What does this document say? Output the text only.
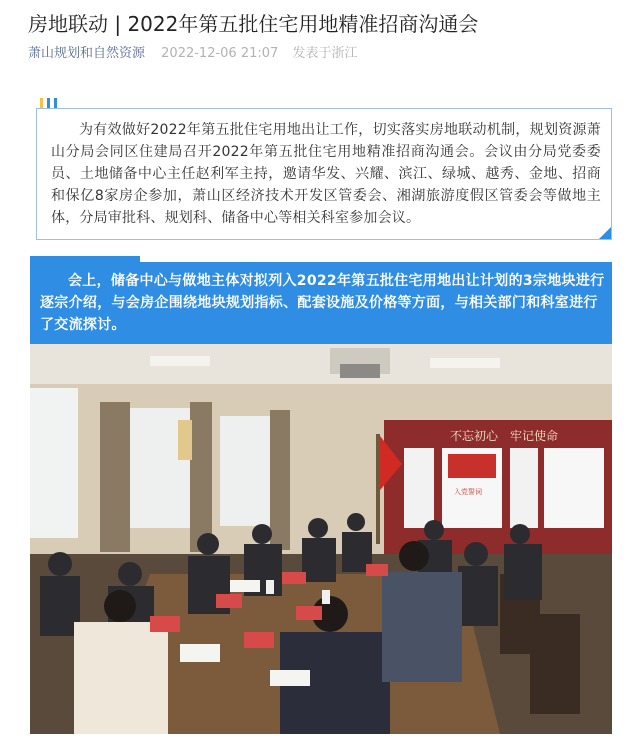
房地联动 | 2022年第五批住宅用地精准招商沟通会
萧山规划和自然资源 2022-12-06 21:07 发表于浙江

为有效做好2022年第五批住宅用地出让工作，切实落实房地联动机制，规划资源萧山分局会同区住建局召开2022年第五批住宅用地精准招商沟通会。会议由分局党委委员、土地储备中心主任赵利军主持，邀请华发、兴耀、滨江、绿城、越秀、金地、招商和保亿8家房企参加，萧山区经济技术开发区管委会、湘湖旅游度假区管委会等做地主体，分局审批科、规划科、储备中心等相关科室参加会议。

会上，储备中心与做地主体对拟列入2022年第五批住宅用地出让计划的3宗地块进行逐宗介绍，与会房企围绕地块规划指标、配套设施及价格等方面，与相关部门和科室进行了交流探讨。

不忘初心　牢记使命
入党誓词
